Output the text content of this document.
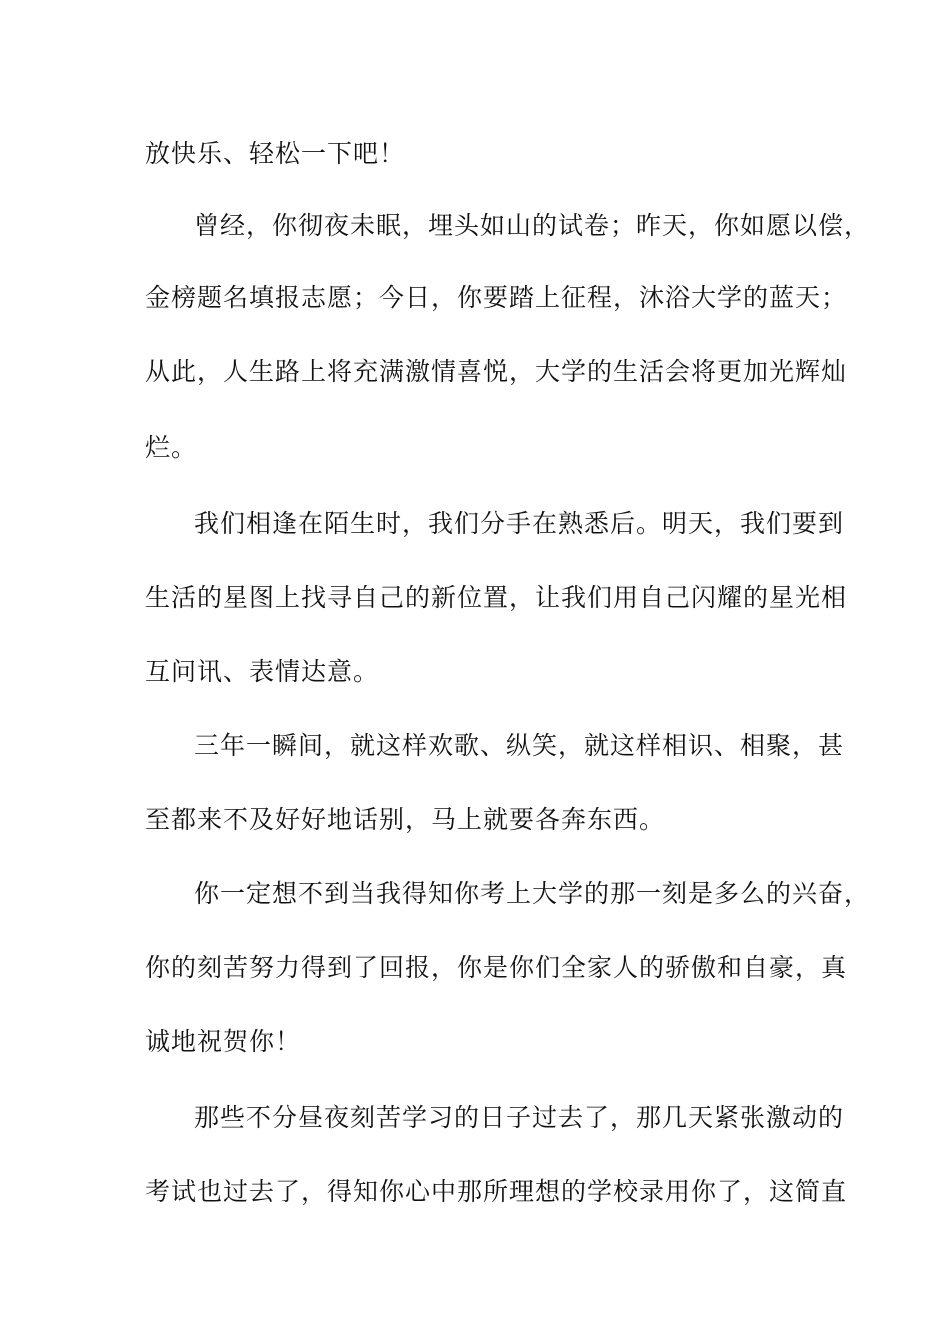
放快乐、轻松一下吧！
曾经，你彻夜未眠，埋头如山的试卷；昨天，你如愿以偿，
金榜题名填报志愿；今日，你要踏上征程，沐浴大学的蓝天；
从此，人生路上将充满激情喜悦，大学的生活会将更加光辉灿
烂。
我们相逢在陌生时，我们分手在熟悉后。明天，我们要到
生活的星图上找寻自己的新位置，让我们用自己闪耀的星光相
互问讯、表情达意。
三年一瞬间，就这样欢歌、纵笑，就这样相识、相聚，甚
至都来不及好好地话别，马上就要各奔东西。
你一定想不到当我得知你考上大学的那一刻是多么的兴奋，
你的刻苦努力得到了回报，你是你们全家人的骄傲和自豪，真
诚地祝贺你！
那些不分昼夜刻苦学习的日子过去了，那几天紧张激动的
考试也过去了，得知你心中那所理想的学校录用你了，这简直
